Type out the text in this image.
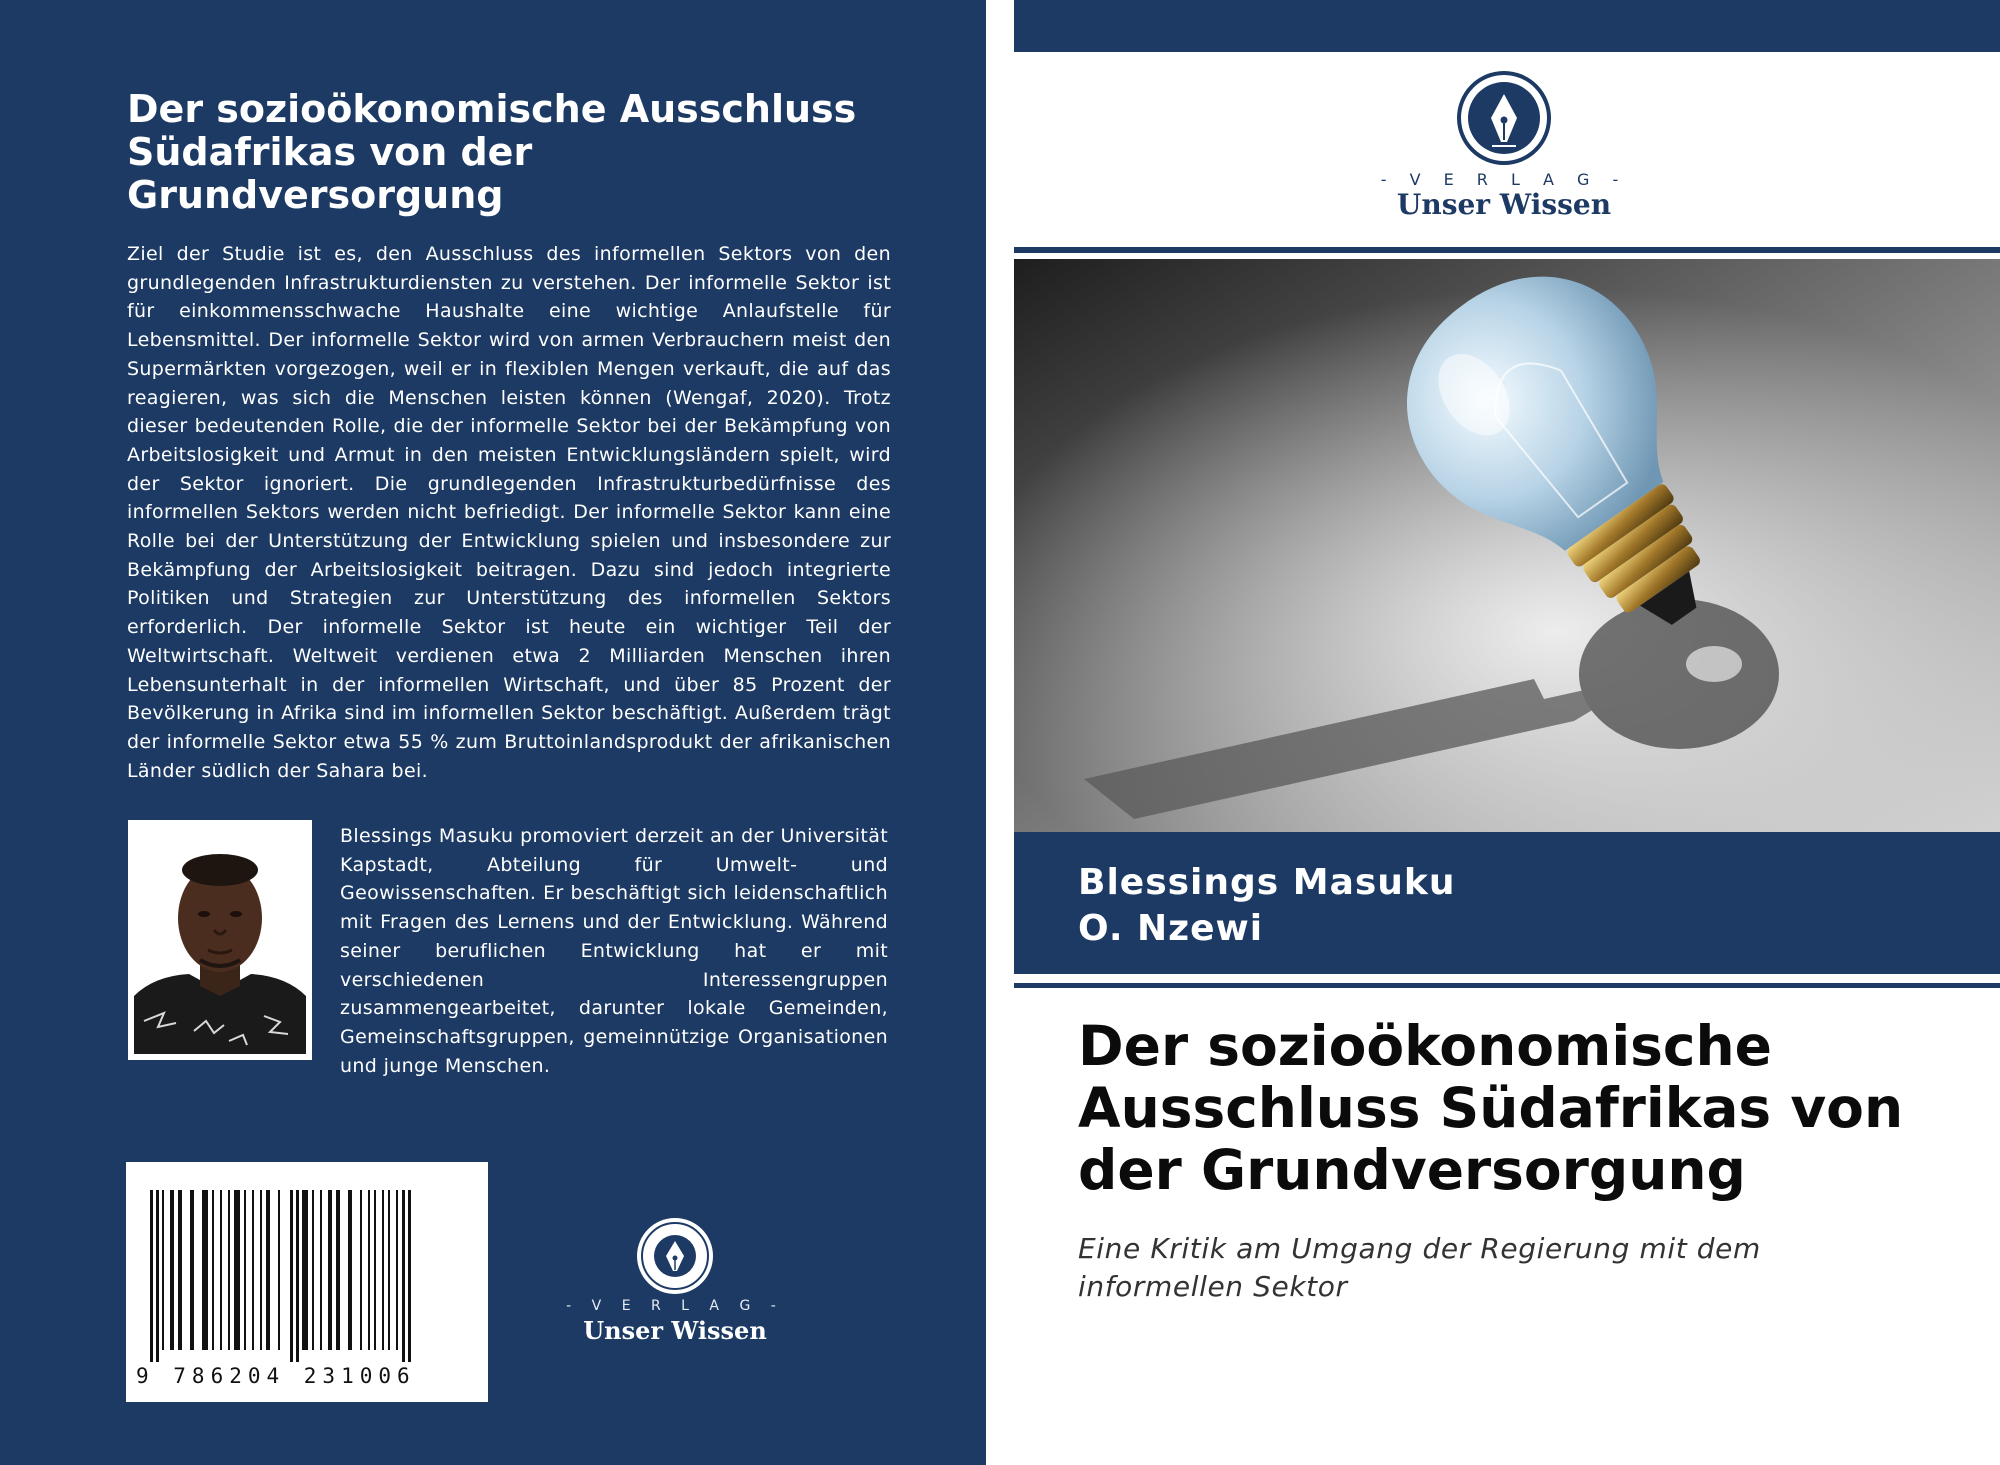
Der sozioökonomische Ausschluss Südafrikas von der Grundversorgung

Ziel der Studie ist es, den Ausschluss des informellen Sektors von den grundlegenden Infrastrukturdiensten zu verstehen. Der informelle Sektor ist für einkommensschwache Haushalte eine wichtige Anlaufstelle für Lebensmittel. Der informelle Sektor wird von armen Verbrauchern meist den Supermärkten vorgezogen, weil er in flexiblen Mengen verkauft, die auf das reagieren, was sich die Menschen leisten können (Wengaf, 2020). Trotz dieser bedeutenden Rolle, die der informelle Sektor bei der Bekämpfung von Arbeitslosigkeit und Armut in den meisten Entwicklungsländern spielt, wird der Sektor ignoriert. Die grundlegenden Infrastrukturbedürfnisse des informellen Sektors werden nicht befriedigt. Der informelle Sektor kann eine Rolle bei der Unterstützung der Entwicklung spielen und insbesondere zur Bekämpfung der Arbeitslosigkeit beitragen. Dazu sind jedoch integrierte Politiken und Strategien zur Unterstützung des informellen Sektors erforderlich. Der informelle Sektor ist heute ein wichtiger Teil der Weltwirtschaft. Weltweit verdienen etwa 2 Milliarden Menschen ihren Lebensunterhalt in der informellen Wirtschaft, und über 85 Prozent der Bevölkerung in Afrika sind im informellen Sektor beschäftigt. Außerdem trägt der informelle Sektor etwa 55 % zum Bruttoinlandsprodukt der afrikanischen Länder südlich der Sahara bei.

Blessings Masuku promoviert derzeit an der Universität Kapstadt, Abteilung für Umwelt- und Geowissenschaften. Er beschäftigt sich leidenschaftlich mit Fragen des Lernens und der Entwicklung. Während seiner beruflichen Entwicklung hat er mit verschiedenen Interessengruppen zusammengearbeitet, darunter lokale Gemeinden, Gemeinschaftsgruppen, gemeinnützige Organisationen und junge Menschen.

9 786204 231006
- V E R L A G -
Unser Wissen
- V E R L A G -
Unser Wissen
Blessings Masuku
O. Nzewi
Der sozioökonomische Ausschluss Südafrikas von der Grundversorgung

Eine Kritik am Umgang der Regierung mit dem informellen Sektor
